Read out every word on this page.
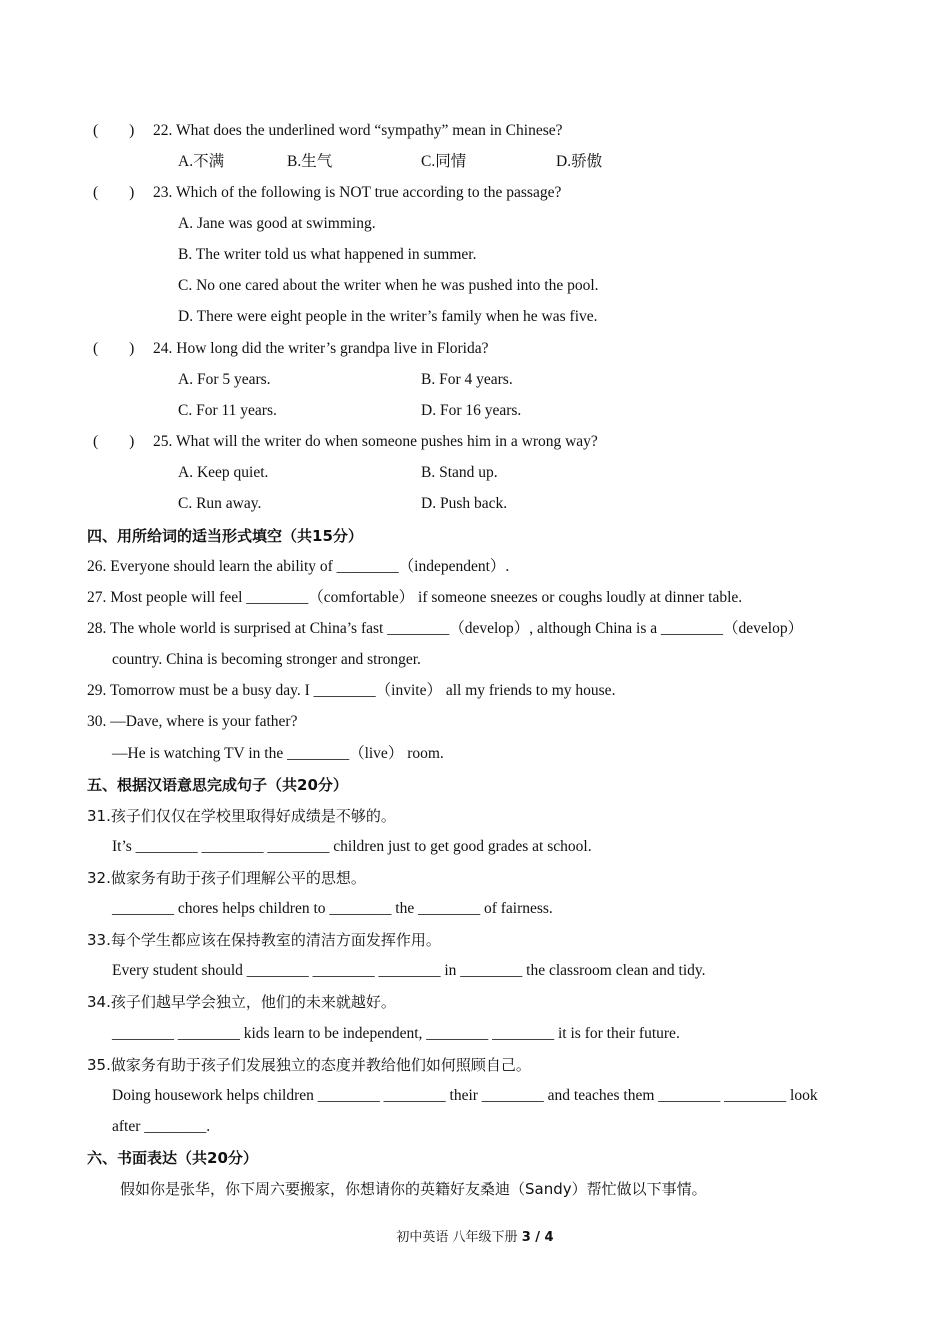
(        ) 22. What does the underlined word “sympathy” mean in Chinese?
A.不满	B.生气	C.同情	D.骄傲
(        ) 23. Which of the following is NOT true according to the passage?
A. Jane was good at swimming.
B. The writer told us what happened in summer.
C. No one cared about the writer when he was pushed into the pool.
D. There were eight people in the writer’s family when he was five.
(        ) 24. How long did the writer’s grandpa live in Florida?
A. For 5 years.	B. For 4 years.
C. For 11 years.	D. For 16 years.
(        ) 25. What will the writer do when someone pushes him in a wrong way?
A. Keep quiet.	B. Stand up.
C. Run away.	D. Push back.
四、用所给词的适当形式填空（共15分）
26. Everyone should learn the ability of ________（independent）.
27. Most people will feel ________（comfortable） if someone sneezes or coughs loudly at dinner table.
28. The whole world is surprised at China’s fast ________（develop）, although China is a ________（develop）
country. China is becoming stronger and stronger.
29. Tomorrow must be a busy day. I ________（invite） all my friends to my house.
30. —Dave, where is your father?
—He is watching TV in the ________（live） room.
五、根据汉语意思完成句子（共20分）
31.孩子们仅仅在学校里取得好成绩是不够的。
It’s ________ ________ ________ children just to get good grades at school.
32.做家务有助于孩子们理解公平的思想。
________ chores helps children to ________ the ________ of fairness.
33.每个学生都应该在保持教室的清洁方面发挥作用。
Every student should ________ ________ ________ in ________ the classroom clean and tidy.
34.孩子们越早学会独立，他们的未来就越好。
________ ________ kids learn to be independent, ________ ________ it is for their future.
35.做家务有助于孩子们发展独立的态度并教给他们如何照顾自己。
Doing housework helps children ________ ________ their ________ and teaches them ________ ________ look
after ________.
六、书面表达（共20分）
假如你是张华，你下周六要搬家，你想请你的英籍好友桑迪（Sandy）帮忙做以下事情。
初中英语 八年级下册 3 / 4
